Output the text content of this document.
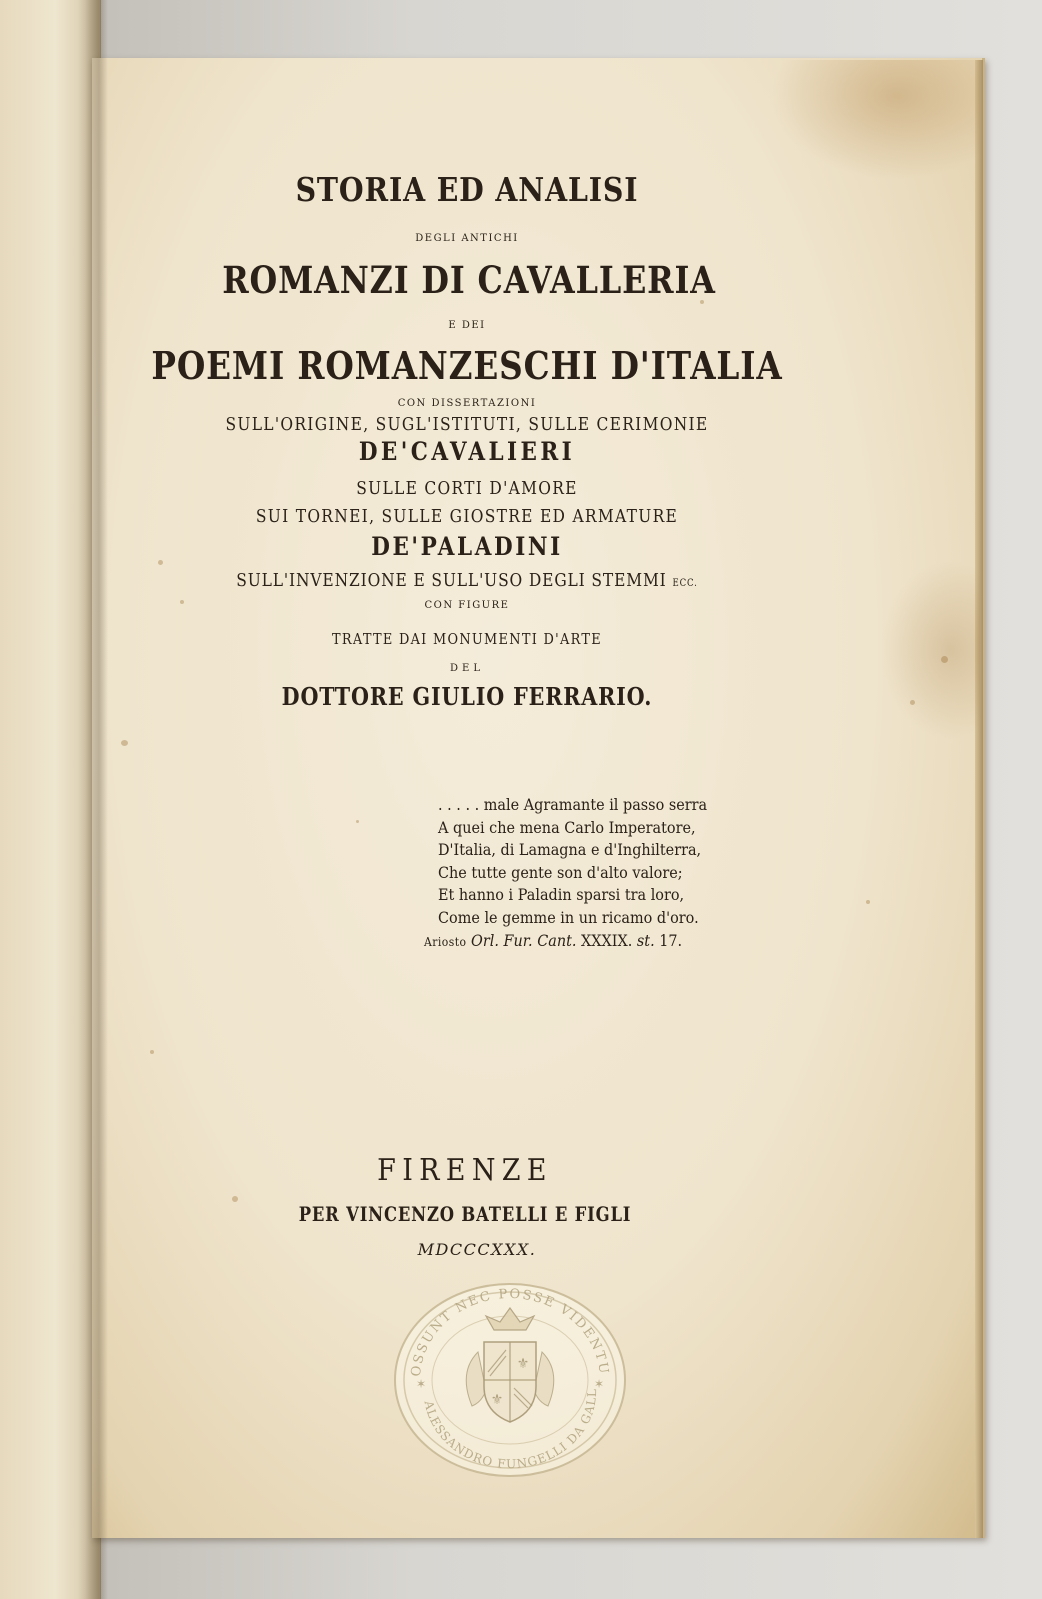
STORIA ED ANALISI
DEGLI ANTICHI
ROMANZI DI CAVALLERIA
E DEI
POEMI ROMANZESCHI D'ITALIA
CON DISSERTAZIONI
SULL'ORIGINE, SUGL'ISTITUTI, SULLE CERIMONIE
DE'CAVALIERI
SULLE CORTI D'AMORE
SUI TORNEI, SULLE GIOSTRE ED ARMATURE
DE'PALADINI
SULL'INVENZIONE E SULL'USO DEGLI STEMMI ECC.
CON FIGURE
TRATTE DAI MONUMENTI D'ARTE
DEL
DOTTORE GIULIO FERRARIO.
. . . . . male Agramante il passo serra
A quei che mena Carlo Imperatore,
D'Italia, di Lamagna e d'Inghilterra,
Che tutte gente son d'alto valore;
Et hanno i Paladin sparsi tra loro,
Come le gemme in un ricamo d'oro.
Ariosto Orl. Fur. Cant. XXXIX. st. 17.
FIRENZE
PER VINCENZO BATELLI E FIGLI
MDCCCXXX.
OSSUNT NEC POSSE VIDENTU
ALESSANDRO FUNGELLI DA GALL
⚜
⚜
✶	✶
